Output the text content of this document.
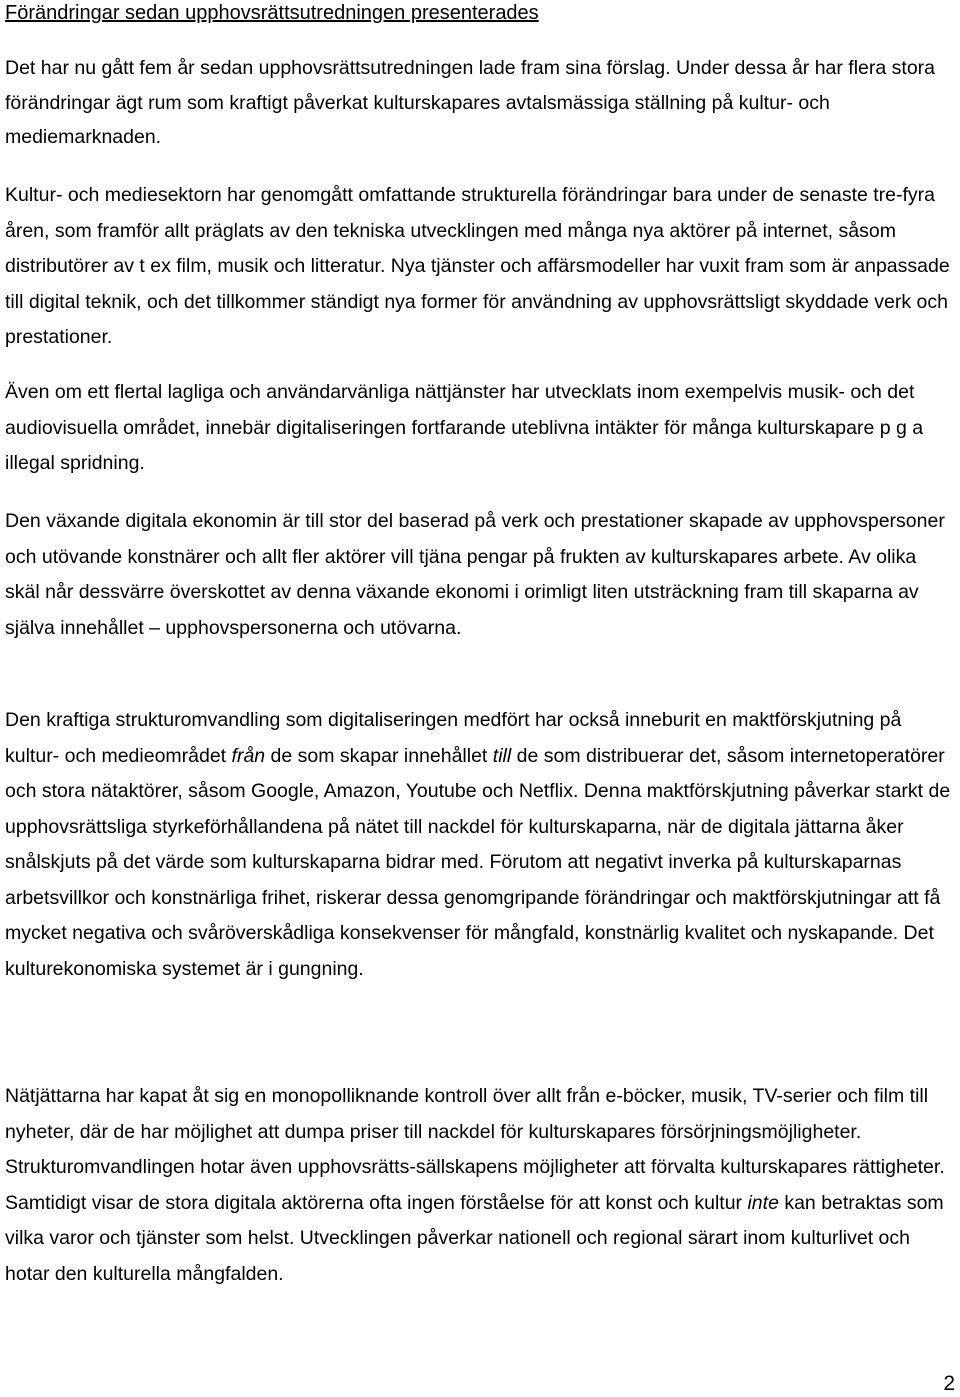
Förändringar sedan upphovsrättsutredningen presenterades

Det har nu gått fem år sedan upphovsrättsutredningen lade fram sina förslag. Under dessa år har flera stora förändringar ägt rum som kraftigt påverkat kulturskapares avtalsmässiga ställning på kultur- och mediemarknaden.

Kultur- och mediesektorn har genomgått omfattande strukturella förändringar bara under de senaste tre-fyra åren, som framför allt präglats av den tekniska utvecklingen med många nya aktörer på internet, såsom distributörer av t ex film, musik och litteratur. Nya tjänster och affärsmodeller har vuxit fram som är anpassade till digital teknik, och det tillkommer ständigt nya former för användning av upphovsrättsligt skyddade verk och prestationer.

Även om ett flertal lagliga och användarvänliga nättjänster har utvecklats inom exempelvis musik- och det audiovisuella området, innebär digitaliseringen fortfarande uteblivna intäkter för många kulturskapare p g a illegal spridning.

Den växande digitala ekonomin är till stor del baserad på verk och prestationer skapade av upphovspersoner och utövande konstnärer och allt fler aktörer vill tjäna pengar på frukten av kulturskapares arbete. Av olika skäl når dessvärre överskottet av denna växande ekonomi i orimligt liten utsträckning fram till skaparna av själva innehållet – upphovspersonerna och utövarna.

Den kraftiga strukturomvandling som digitaliseringen medfört har också inneburit en maktförskjutning på kultur- och medieområdet från de som skapar innehållet till de som distribuerar det, såsom internetoperatörer och stora nätaktörer, såsom Google, Amazon, Youtube och Netflix. Denna maktförskjutning påverkar starkt de upphovsrättsliga styrkeförhållandena på nätet till nackdel för kulturskaparna, när de digitala jättarna åker snålskjuts på det värde som kulturskaparna bidrar med. Förutom att negativt inverka på kulturskaparnas arbetsvillkor och konstnärliga frihet, riskerar dessa genomgripande förändringar och maktförskjutningar att få mycket negativa och svåröverskådliga konsekvenser för mångfald, konstnärlig kvalitet och nyskapande. Det kulturekonomiska systemet är i gungning.

Nätjättarna har kapat åt sig en monopolliknande kontroll över allt från e-böcker, musik, TV-serier och film till nyheter, där de har möjlighet att dumpa priser till nackdel för kulturskapares försörjningsmöjligheter. Strukturomvandlingen hotar även upphovsrätts-sällskapens möjligheter att förvalta kulturskapares rättigheter. Samtidigt visar de stora digitala aktörerna ofta ingen förståelse för att konst och kultur inte kan betraktas som vilka varor och tjänster som helst. Utvecklingen påverkar nationell och regional särart inom kulturlivet och hotar den kulturella mångfalden.

2
